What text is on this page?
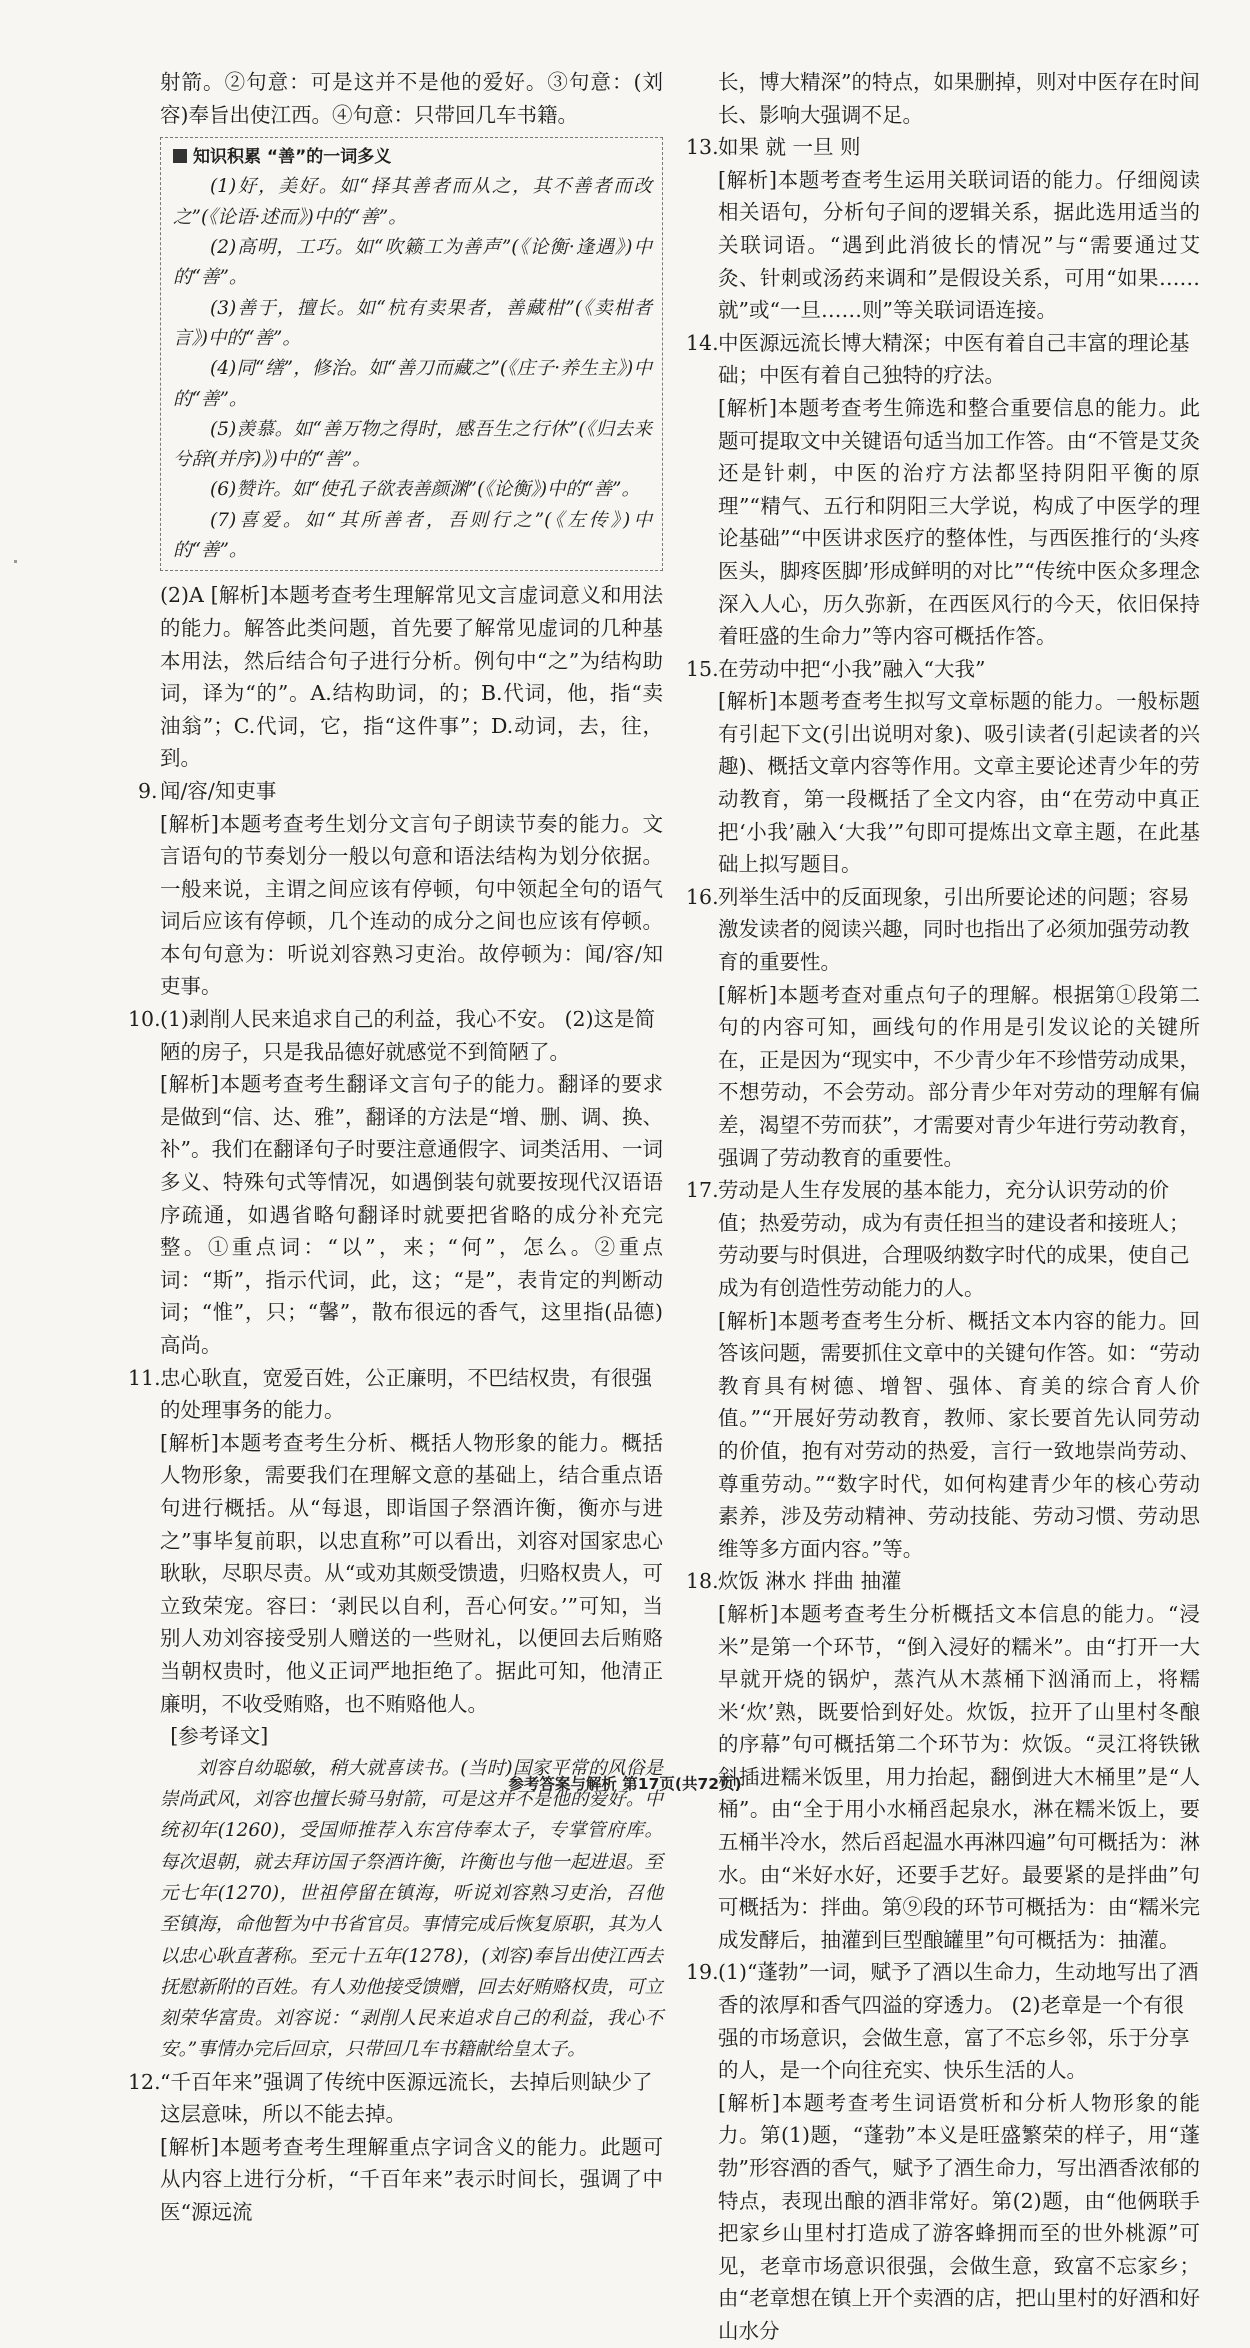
射箭。②句意：可是这并不是他的爱好。③句意：(刘容)奉旨出使江西。④句意：只带回几车书籍。

知识积累 “善”的一词多义

(1)好，美好。如“择其善者而从之，其不善者而改之”(《论语·述而》)中的“善”。

(2)高明，工巧。如“吹籁工为善声”(《论衡·逢遇》)中的“善”。

(3)善于，擅长。如“杭有卖果者，善藏柑”(《卖柑者言》)中的“善”。

(4)同“缮”，修治。如“善刀而藏之”(《庄子·养生主》)中的“善”。

(5)羡慕。如“善万物之得时，感吾生之行休”(《归去来兮辞(并序)》)中的“善”。

(6)赞许。如“使孔子欲表善颜渊”(《论衡》)中的“善”。

(7)喜爱。如“其所善者，吾则行之”(《左传》)中的“善”。

(2)A [解析]本题考查考生理解常见文言虚词意义和用法的能力。解答此类问题，首先要了解常见虚词的几种基本用法，然后结合句子进行分析。例句中“之”为结构助词，译为“的”。A.结构助词，的；B.代词，他，指“卖油翁”；C.代词，它，指“这件事”；D.动词，去，往，到。

9. 闻/容/知吏事

[解析]本题考查考生划分文言句子朗读节奏的能力。文言语句的节奏划分一般以句意和语法结构为划分依据。一般来说，主谓之间应该有停顿，句中领起全句的语气词后应该有停顿，几个连动的成分之间也应该有停顿。本句句意为：听说刘容熟习吏治。故停顿为：闻/容/知吏事。

10. (1)剥削人民来追求自己的利益，我心不安。 (2)这是简陋的房子，只是我品德好就感觉不到简陋了。

[解析]本题考查考生翻译文言句子的能力。翻译的要求是做到“信、达、雅”，翻译的方法是“增、删、调、换、补”。我们在翻译句子时要注意通假字、词类活用、一词多义、特殊句式等情况，如遇倒装句就要按现代汉语语序疏通，如遇省略句翻译时就要把省略的成分补充完整。①重点词：“以”，来；“何”，怎么。②重点词：“斯”，指示代词，此，这；“是”，表肯定的判断动词；“惟”，只；“馨”，散布很远的香气，这里指(品德)高尚。

11. 忠心耿直，宽爱百姓，公正廉明，不巴结权贵，有很强的处理事务的能力。

[解析]本题考查考生分析、概括人物形象的能力。概括人物形象，需要我们在理解文意的基础上，结合重点语句进行概括。从“每退，即诣国子祭酒许衡，衡亦与进之”事毕复前职，以忠直称”可以看出，刘容对国家忠心耿耿，尽职尽责。从“或劝其颇受馈遗，归赂权贵人，可立致荣宠。容曰：‘剥民以自利，吾心何安。’”可知，当别人劝刘容接受别人赠送的一些财礼，以便回去后贿赂当朝权贵时，他义正词严地拒绝了。据此可知，他清正廉明，不收受贿赂，也不贿赂他人。

[参考译文]

刘容自幼聪敏，稍大就喜读书。(当时)国家平常的风俗是崇尚武风，刘容也擅长骑马射箭，可是这并不是他的爱好。中统初年(1260)，受国师推荐入东宫侍奉太子，专掌管府库。每次退朝，就去拜访国子祭酒许衡，许衡也与他一起进退。至元七年(1270)，世祖停留在镇海，听说刘容熟习吏治，召他至镇海，命他暂为中书省官员。事情完成后恢复原职，其为人以忠心耿直著称。至元十五年(1278)，(刘容)奉旨出使江西去抚慰新附的百姓。有人劝他接受馈赠，回去好贿赂权贵，可立刻荣华富贵。刘容说：“剥削人民来追求自己的利益，我心不安。”事情办完后回京，只带回几车书籍献给皇太子。

12. “千百年来”强调了传统中医源远流长，去掉后则缺少了这层意味，所以不能去掉。

[解析]本题考查考生理解重点字词含义的能力。此题可从内容上进行分析，“千百年来”表示时间长，强调了中医“源远流

长，博大精深”的特点，如果删掉，则对中医存在时间长、影响大强调不足。

13. 如果 就 一旦 则

[解析]本题考查考生运用关联词语的能力。仔细阅读相关语句，分析句子间的逻辑关系，据此选用适当的关联词语。“遇到此消彼长的情况”与“需要通过艾灸、针刺或汤药来调和”是假设关系，可用“如果……就”或“一旦……则”等关联词语连接。

14. 中医源远流长博大精深；中医有着自己丰富的理论基础；中医有着自己独特的疗法。

[解析]本题考查考生筛选和整合重要信息的能力。此题可提取文中关键语句适当加工作答。由“不管是艾灸还是针刺，中医的治疗方法都坚持阴阳平衡的原理”“精气、五行和阴阳三大学说，构成了中医学的理论基础”“中医讲求医疗的整体性，与西医推行的‘头疼医头，脚疼医脚’形成鲜明的对比”“传统中医众多理念深入人心，历久弥新，在西医风行的今天，依旧保持着旺盛的生命力”等内容可概括作答。

15. 在劳动中把“小我”融入“大我”

[解析]本题考查考生拟写文章标题的能力。一般标题有引起下文(引出说明对象)、吸引读者(引起读者的兴趣)、概括文章内容等作用。文章主要论述青少年的劳动教育，第一段概括了全文内容，由“在劳动中真正把‘小我’融入‘大我’”句即可提炼出文章主题，在此基础上拟写题目。

16. 列举生活中的反面现象，引出所要论述的问题；容易激发读者的阅读兴趣，同时也指出了必须加强劳动教育的重要性。

[解析]本题考查对重点句子的理解。根据第①段第二句的内容可知，画线句的作用是引发议论的关键所在，正是因为“现实中，不少青少年不珍惜劳动成果，不想劳动，不会劳动。部分青少年对劳动的理解有偏差，渴望不劳而获”，才需要对青少年进行劳动教育，强调了劳动教育的重要性。

17. 劳动是人生存发展的基本能力，充分认识劳动的价值；热爱劳动，成为有责任担当的建设者和接班人；劳动要与时俱进，合理吸纳数字时代的成果，使自己成为有创造性劳动能力的人。

[解析]本题考查考生分析、概括文本内容的能力。回答该问题，需要抓住文章中的关键句作答。如：“劳动教育具有树德、增智、强体、育美的综合育人价值。”“开展好劳动教育，教师、家长要首先认同劳动的价值，抱有对劳动的热爱，言行一致地崇尚劳动、尊重劳动。”“数字时代，如何构建青少年的核心劳动素养，涉及劳动精神、劳动技能、劳动习惯、劳动思维等多方面内容。”等。

18. 炊饭 淋水 拌曲 抽灌

[解析]本题考查考生分析概括文本信息的能力。“浸米”是第一个环节，“倒入浸好的糯米”。由“打开一大早就开烧的锅炉，蒸汽从木蒸桶下汹涌而上，将糯米‘炊’熟，既要恰到好处。炊饭，拉开了山里村冬酿的序幕”句可概括第二个环节为：炊饭。“灵江将铁锹斜插进糯米饭里，用力抬起，翻倒进大木桶里”是“人桶”。由“全于用小水桶舀起泉水，淋在糯米饭上，要五桶半冷水，然后舀起温水再淋四遍”句可概括为：淋水。由“米好水好，还要手艺好。最要紧的是拌曲”句可概括为：拌曲。第⑨段的环节可概括为：由“糯米完成发酵后，抽灌到巨型酿罐里”句可概括为：抽灌。

19. (1)“蓬勃”一词，赋予了酒以生命力，生动地写出了酒香的浓厚和香气四溢的穿透力。 (2)老章是一个有很强的市场意识，会做生意，富了不忘乡邻，乐于分享的人，是一个向往充实、快乐生活的人。

[解析]本题考查考生词语赏析和分析人物形象的能力。第(1)题，“蓬勃”本义是旺盛繁荣的样子，用“蓬勃”形容酒的香气，赋予了酒生命力，写出酒香浓郁的特点，表现出酿的酒非常好。第(2)题，由“他俩联手把家乡山里村打造成了游客蜂拥而至的世外桃源”可见，老章市场意识很强，会做生意，致富不忘家乡；由“老章想在镇上开个卖酒的店，把山里村的好酒和好山水分

参考答案与解析 第17页(共72页)
